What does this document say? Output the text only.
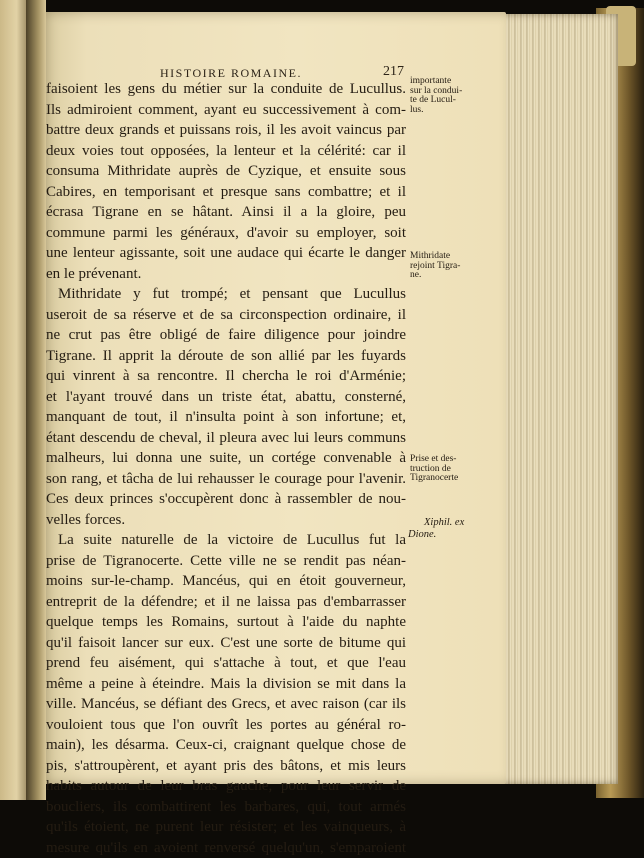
HISTOIRE ROMAINE.	217
faisoient les gens du métier sur la conduite de Lucullus.
Ils admiroient comment, ayant eu successivement à com-
battre deux grands et puissans rois, il les avoit vaincus par
deux voies tout opposées, la lenteur et la célérité: car il
consuma Mithridate auprès de Cyzique, et ensuite sous
Cabires, en temporisant et presque sans combattre; et il
écrasa Tigrane en se hâtant. Ainsi il a la gloire, peu
commune parmi les généraux, d'avoir su employer, soit
une lenteur agissante, soit une audace qui écarte le danger
en le prévenant.
Mithridate y fut trompé; et pensant que Lucullus
useroit de sa réserve et de sa circonspection ordinaire, il
ne crut pas être obligé de faire diligence pour joindre
Tigrane. Il apprit la déroute de son allié par les fuyards
qui vinrent à sa rencontre. Il chercha le roi d'Arménie;
et l'ayant trouvé dans un triste état, abattu, consterné,
manquant de tout, il n'insulta point à son infortune; et,
étant descendu de cheval, il pleura avec lui leurs communs
malheurs, lui donna une suite, un cortége convenable à
son rang, et tâcha de lui rehausser le courage pour l'avenir.
Ces deux princes s'occupèrent donc à rassembler de nou-
velles forces.
La suite naturelle de la victoire de Lucullus fut la
prise de Tigranocerte. Cette ville ne se rendit pas néan-
moins sur-le-champ. Mancéus, qui en étoit gouverneur,
entreprit de la défendre; et il ne laissa pas d'embarrasser
quelque temps les Romains, surtout à l'aide du naphte
qu'il faisoit lancer sur eux. C'est une sorte de bitume qui
prend feu aisément, qui s'attache à tout, et que l'eau
même a peine à éteindre. Mais la division se mit dans la
ville. Mancéus, se défiant des Grecs, et avec raison (car ils
vouloient tous que l'on ouvrît les portes au général ro-
main), les désarma. Ceux-ci, craignant quelque chose de
pis, s'attroupèrent, et ayant pris des bâtons, et mis leurs
habits autour de leur bras gauche, pour leur servir de
boucliers, ils combattirent les barbares, qui, tout armés
qu'ils étoient, ne purent leur résister; et les vainqueurs, à
mesure qu'ils en avoient renversé quelqu'un, s'emparoient
importante
sur la condui-
te de Lucul-
lus.
Mithridate
rejoint Tigra-
ne.
Prise et des-
truction de
Tigranocerte
Xiphil. ex
Dione.
